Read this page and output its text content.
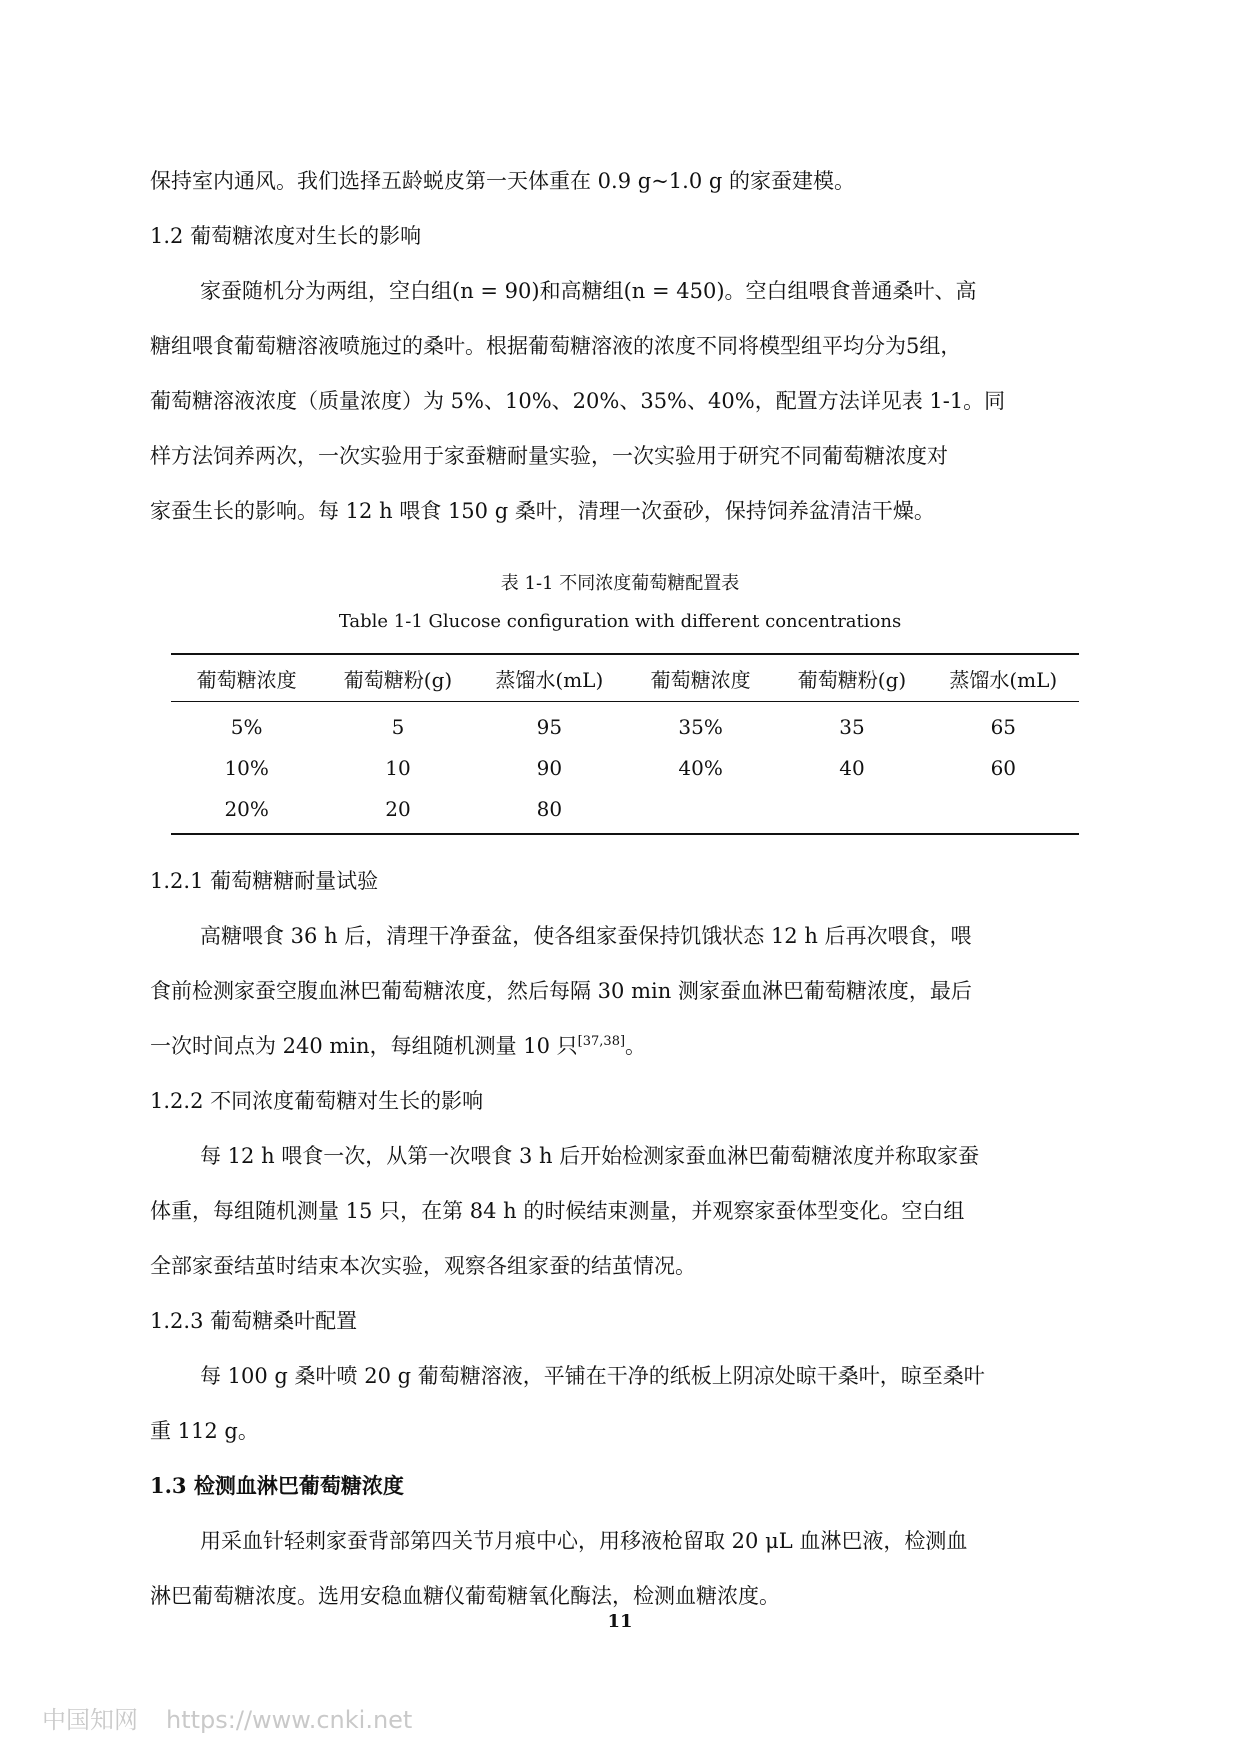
保持室内通风。我们选择五龄蜕皮第一天体重在 0.9 g~1.0 g 的家蚕建模。

1.2 葡萄糖浓度对生长的影响

家蚕随机分为两组，空白组(n = 90)和高糖组(n = 450)。空白组喂食普通桑叶、高

糖组喂食葡萄糖溶液喷施过的桑叶。根据葡萄糖溶液的浓度不同将模型组平均分为5组，

葡萄糖溶液浓度（质量浓度）为 5%、10%、20%、35%、40%，配置方法详见表 1-1。同

样方法饲养两次，一次实验用于家蚕糖耐量实验，一次实验用于研究不同葡萄糖浓度对

家蚕生长的影响。每 12 h 喂食 150 g 桑叶，清理一次蚕砂，保持饲养盆清洁干燥。

表 1-1 不同浓度葡萄糖配置表

Table 1-1 Glucose configuration with different concentrations

葡萄糖浓度	葡萄糖粉(g)	蒸馏水(mL)	葡萄糖浓度	葡萄糖粉(g)	蒸馏水(mL)
5%	5	95	35%	35	65
10%	10	90	40%	40	60
20%	20	80

1.2.1 葡萄糖糖耐量试验

高糖喂食 36 h 后，清理干净蚕盆，使各组家蚕保持饥饿状态 12 h 后再次喂食，喂

食前检测家蚕空腹血淋巴葡萄糖浓度，然后每隔 30 min 测家蚕血淋巴葡萄糖浓度，最后

一次时间点为 240 min，每组随机测量 10 只[37,38]。

1.2.2 不同浓度葡萄糖对生长的影响

每 12 h 喂食一次，从第一次喂食 3 h 后开始检测家蚕血淋巴葡萄糖浓度并称取家蚕

体重，每组随机测量 15 只，在第 84 h 的时候结束测量，并观察家蚕体型变化。空白组

全部家蚕结茧时结束本次实验，观察各组家蚕的结茧情况。

1.2.3 葡萄糖桑叶配置

每 100 g 桑叶喷 20 g 葡萄糖溶液，平铺在干净的纸板上阴凉处晾干桑叶，晾至桑叶

重 112 g。

1.3 检测血淋巴葡萄糖浓度

用采血针轻刺家蚕背部第四关节月痕中心，用移液枪留取 20 μL 血淋巴液，检测血

淋巴葡萄糖浓度。选用安稳血糖仪葡萄糖氧化酶法，检测血糖浓度。

11
中国知网 https://www.cnki.net
